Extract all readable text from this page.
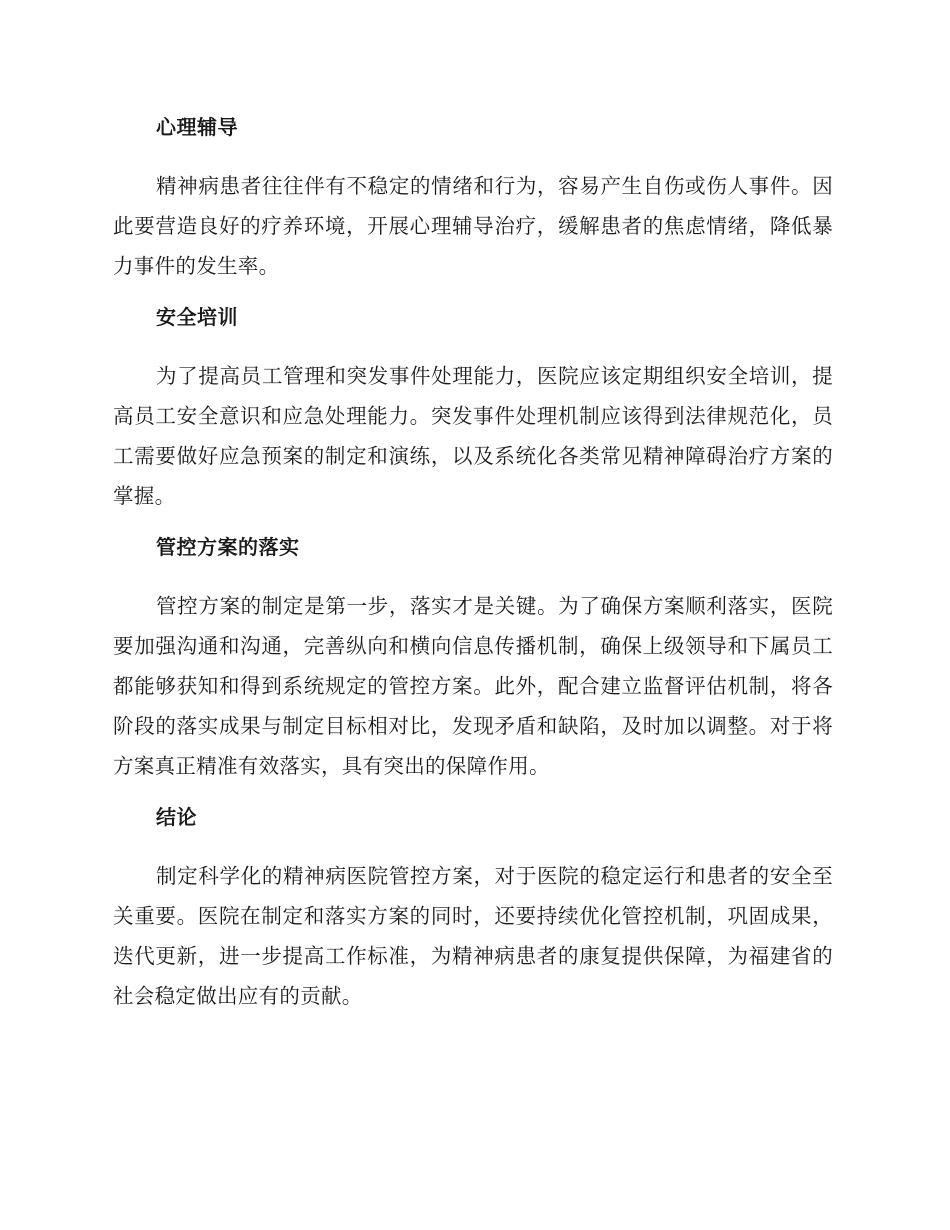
心理辅导

精神病患者往往伴有不稳定的情绪和行为，容易产生自伤或伤人事件。因此要营造良好的疗养环境，开展心理辅导治疗，缓解患者的焦虑情绪，降低暴力事件的发生率。

安全培训

为了提高员工管理和突发事件处理能力，医院应该定期组织安全培训，提高员工安全意识和应急处理能力。突发事件处理机制应该得到法律规范化，员工需要做好应急预案的制定和演练，以及系统化各类常见精神障碍治疗方案的掌握。

管控方案的落实

管控方案的制定是第一步，落实才是关键。为了确保方案顺利落实，医院要加强沟通和沟通，完善纵向和横向信息传播机制，确保上级领导和下属员工都能够获知和得到系统规定的管控方案。此外，配合建立监督评估机制，将各阶段的落实成果与制定目标相对比，发现矛盾和缺陷，及时加以调整。对于将方案真正精准有效落实，具有突出的保障作用。

结论

制定科学化的精神病医院管控方案，对于医院的稳定运行和患者的安全至关重要。医院在制定和落实方案的同时，还要持续优化管控机制，巩固成果，迭代更新，进一步提高工作标准，为精神病患者的康复提供保障，为福建省的社会稳定做出应有的贡献。
